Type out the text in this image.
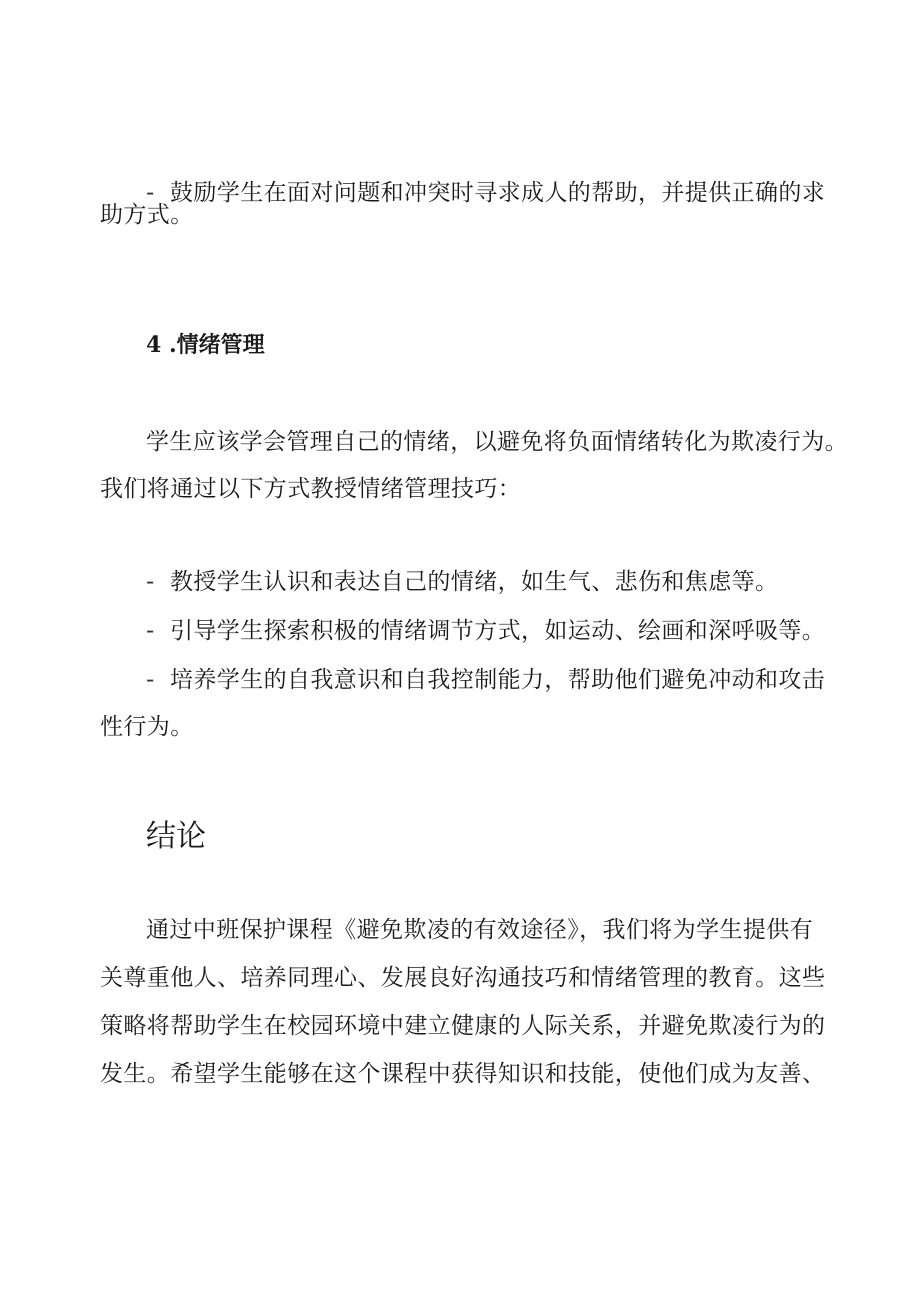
- 鼓励学生在面对问题和冲突时寻求成人的帮助，并提供正确的求
助方式。
4 .情绪管理
学生应该学会管理自己的情绪，以避免将负面情绪转化为欺凌行为。
我们将通过以下方式教授情绪管理技巧：
- 教授学生认识和表达自己的情绪，如生气、悲伤和焦虑等。
- 引导学生探索积极的情绪调节方式，如运动、绘画和深呼吸等。
- 培养学生的自我意识和自我控制能力，帮助他们避免冲动和攻击
性行为。
结论
通过中班保护课程《避免欺凌的有效途径》，我们将为学生提供有
关尊重他人、培养同理心、发展良好沟通技巧和情绪管理的教育。这些
策略将帮助学生在校园环境中建立健康的人际关系，并避免欺凌行为的
发生。希望学生能够在这个课程中获得知识和技能，使他们成为友善、
